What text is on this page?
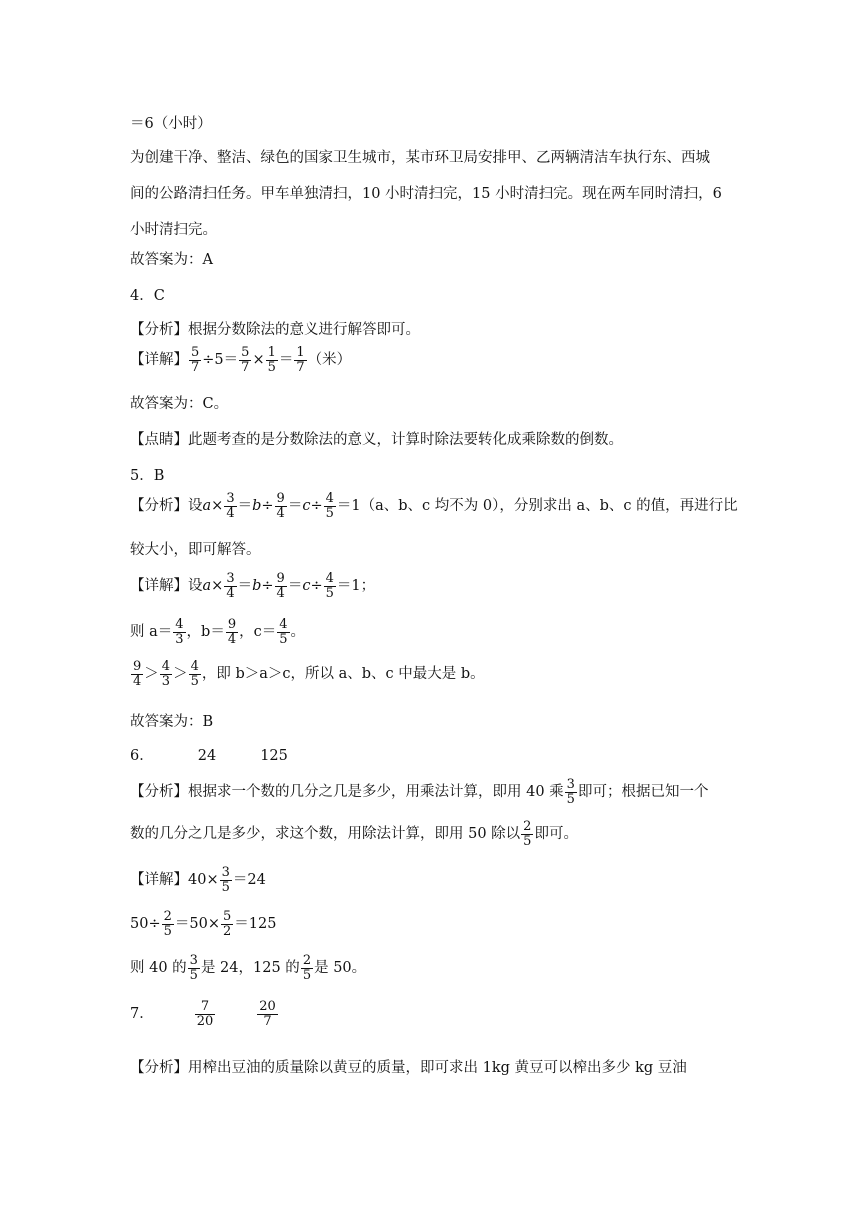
＝6（小时）
为创建干净、整洁、绿色的国家卫生城市，某市环卫局安排甲、乙两辆清洁车执行东、西城
间的公路清扫任务。甲车单独清扫，10 小时清扫完，15 小时清扫完。现在两车同时清扫，6
小时清扫完。
故答案为：A
4．C
【分析】根据分数除法的意义进行解答即可。
【详解】 $\frac{5}{7} \div 5= \frac{5}{7} \times \frac{1}{5} = \frac{1}{7}$ （米）
故答案为：C。
【点睛】此题考查的是分数除法的意义，计算时除法要转化成乘除数的倒数。
5．B
【分析】设$a\times \frac{3}{4} =b\div \frac{9}{4} =c\div \frac{4}{5} =1(a$、b、c 均不为 0），分别求出 a、b、c 的值，再进行比
较大小，即可解答。
【详解】设$a\times \frac{3}{4} =b\div \frac{9}{4} =c\div \frac{4}{5} =1$；
则 $a= \frac{4}{3}$ ，$b= \frac{9}{4}$ ，$c= \frac{4}{5}$ 。
$\frac{9}{4} > \frac{4}{3} > \frac{4}{5}$ ，即 b＞a＞c，所以 a、b、c 中最大是 b。
故答案为：B
6．	24	125
【分析】根据求一个数的几分之几是多少，用乘法计算，即用 40 乘 $\frac{3}{5}$ 即可；根据已知一个
数的几分之几是多少，求这个数，用除法计算，即用 50 除以 $\frac{2}{5}$ 即可。
【详解】$40\times \frac{3}{5} =24$
$50\div \frac{2}{5} =50\times \frac{5}{2} =125$
则 40 的 $\frac{3}{5}$ 是 24，125 的 $\frac{2}{5}$ 是 50。
7．	$\frac{7}{20}$	$\frac{20}{7}$
【分析】用榨出豆油的质量除以黄豆的质量，即可求出 1kg 黄豆可以榨出多少 kg 豆油
